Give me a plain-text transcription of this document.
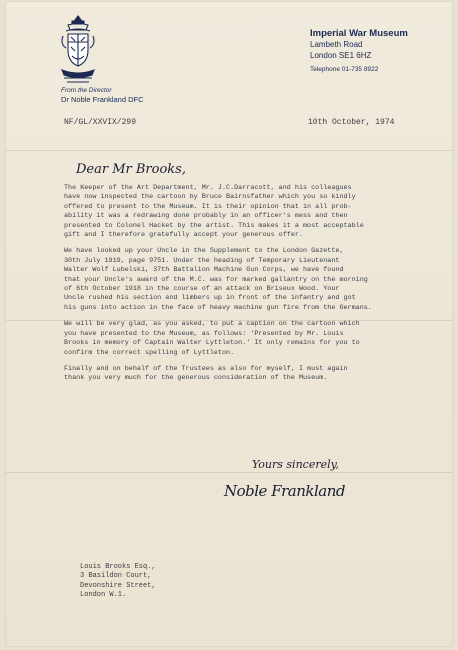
From the Director
Dr Noble Frankland DFC
Imperial War Museum
Lambeth Road
London SE1 6HZ
Telephone 01-735 8922
NF/GL/XXVIX/299	10th October, 1974
Dear Mr Brooks,

The Keeper of the Art Department, Mr. J.C.Darracott, and his colleagues
have now inspected the cartoon by Bruce Bairnsfather which you so kindly
offered to present to the Museum. It is their opinion that in all prob-
ability it was a redrawing done probably in an officer's mess and then
presented to Colonel Hacket by the artist. This makes it a most acceptable
gift and I therefore gratefully accept your generous offer.

We have looked up your Uncle in the Supplement to the London Gazette,
30th July 1919, page 9751. Under the heading of Temporary Lieutenant
Walter Wolf Lubelski, 37th Battalion Machine Gun Corps, we have found
that your Uncle's award of the M.C. was for marked gallantry on the morning
of 6th October 1918 in the course of an attack on Briseux Wood. Your
Uncle rushed his section and limbers up in front of the infantry and got
his guns into action in the face of heavy machine gun fire from the Germans.

We will be very glad, as you asked, to put a caption on the cartoon which
you have presented to the Museum, as follows: 'Presented by Mr. Louis
Brooks in memory of Captain Walter Lyttleton.' It only remains for you to
confirm the correct spelling of Lyttleton.

Finally and on behalf of the Trustees as also for myself, I must again
thank you very much for the generous consideration of the Museum.

Yours sincerely,
Noble Frankland
Louis Brooks Esq.,
3 Basildon Court,
Devonshire Street,
London W.1.
